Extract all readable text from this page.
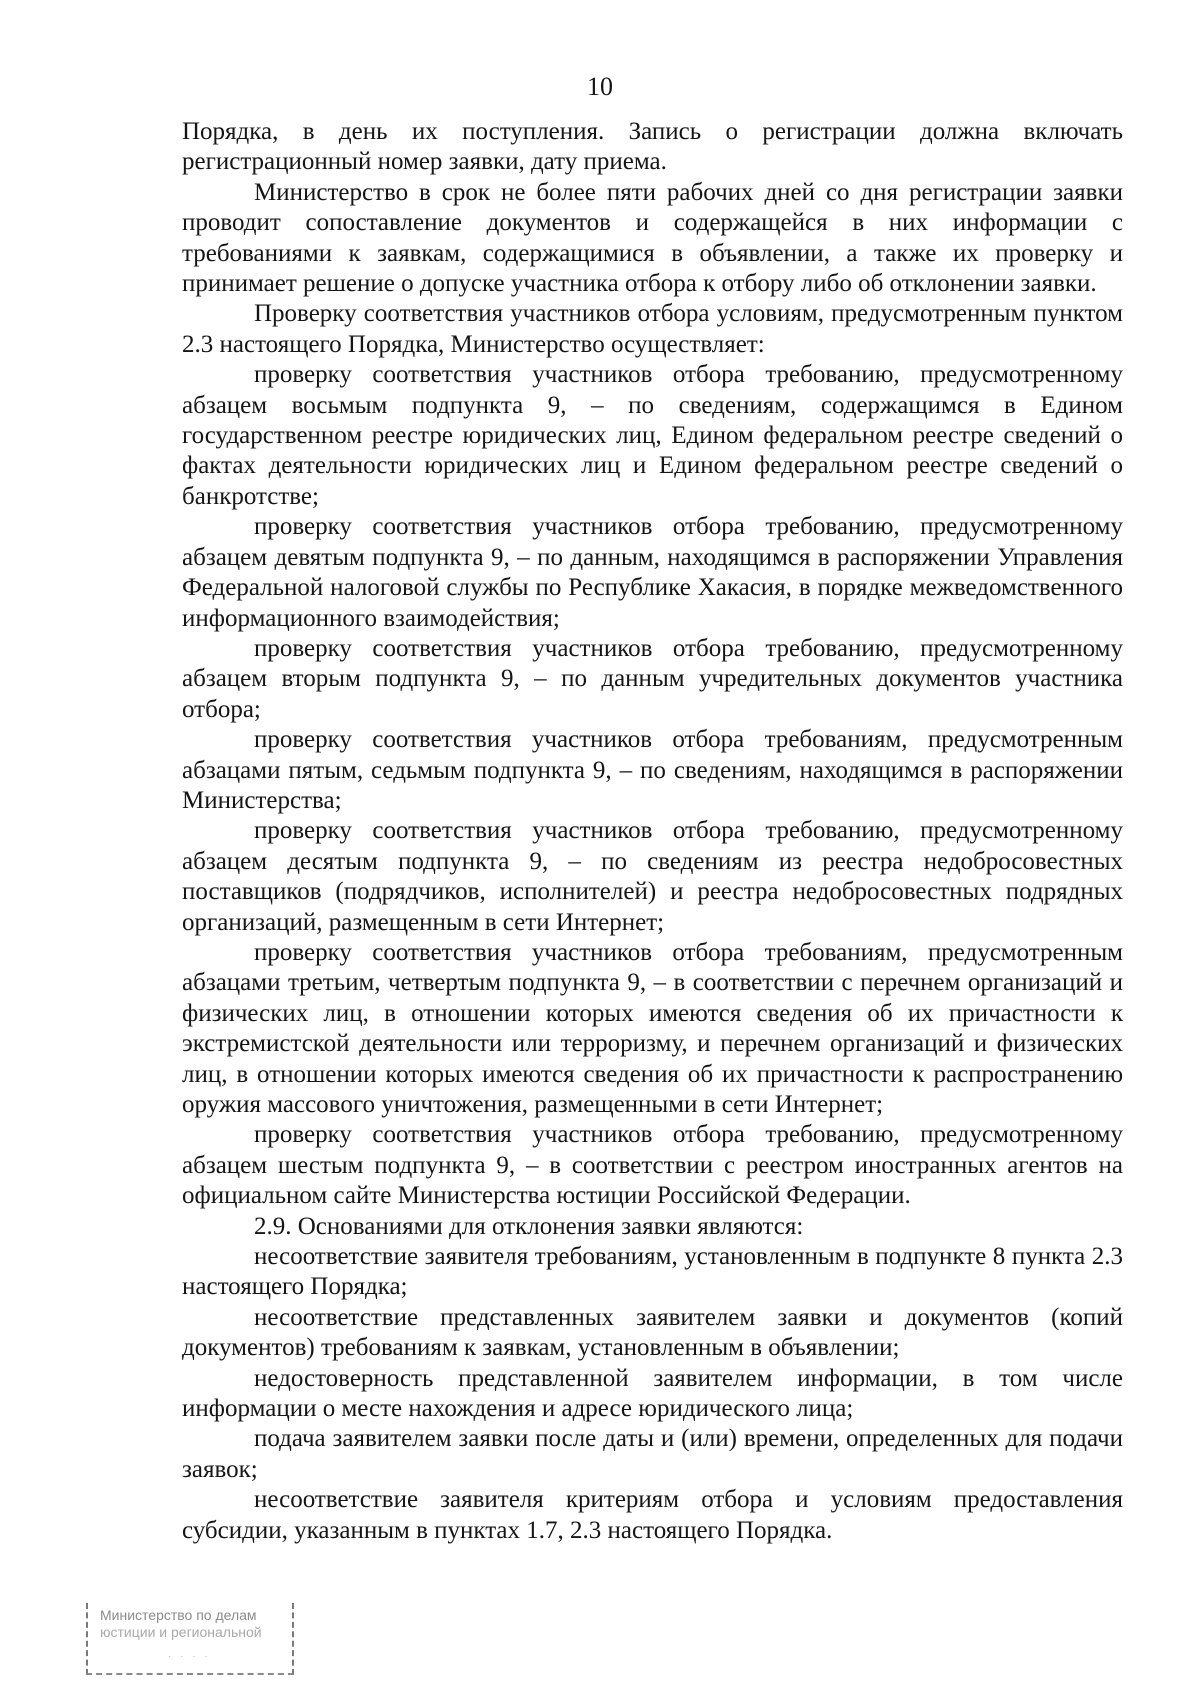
10

Порядка, в день их поступления. Запись о регистрации должна включать регистрационный номер заявки, дату приема.

Министерство в срок не более пяти рабочих дней со дня регистрации заявки проводит сопоставление документов и содержащейся в них информации с требованиями к заявкам, содержащимися в объявлении, а также их проверку и принимает решение о допуске участника отбора к отбору либо об отклонении заявки.

Проверку соответствия участников отбора условиям, предусмотренным пунктом 2.3 настоящего Порядка, Министерство осуществляет:

проверку соответствия участников отбора требованию, предусмотренному абзацем восьмым подпункта 9, – по сведениям, содержащимся в Едином государственном реестре юридических лиц, Едином федеральном реестре сведений о фактах деятельности юридических лиц и Едином федеральном реестре сведений о банкротстве;

проверку соответствия участников отбора требованию, предусмотренному абзацем девятым подпункта 9, – по данным, находящимся в распоряжении Управления Федеральной налоговой службы по Республике Хакасия, в порядке межведомственного информационного взаимодействия;

проверку соответствия участников отбора требованию, предусмотренному абзацем вторым подпункта 9, – по данным учредительных документов участника отбора;

проверку соответствия участников отбора требованиям, предусмотренным абзацами пятым, седьмым подпункта 9, – по сведениям, находящимся в распоряжении Министерства;

проверку соответствия участников отбора требованию, предусмотренному абзацем десятым подпункта 9, – по сведениям из реестра недобросовестных поставщиков (подрядчиков, исполнителей) и реестра недобросовестных подрядных организаций, размещенным в сети Интернет;

проверку соответствия участников отбора требованиям, предусмотренным абзацами третьим, четвертым подпункта 9, – в соответствии с перечнем организаций и физических лиц, в отношении которых имеются сведения об их причастности к экстремистской деятельности или терроризму, и перечнем организаций и физических лиц, в отношении которых имеются сведения об их причастности к распространению оружия массового уничтожения, размещенными в сети Интернет;

проверку соответствия участников отбора требованию, предусмотренному абзацем шестым подпункта 9, – в соответствии с реестром иностранных агентов на официальном сайте Министерства юстиции Российской Федерации.

2.9. Основаниями для отклонения заявки являются:

несоответствие заявителя требованиям, установленным в подпункте 8 пункта 2.3 настоящего Порядка;

несоответствие представленных заявителем заявки и документов (копий документов) требованиям к заявкам, установленным в объявлении;

недостоверность представленной заявителем информации, в том числе информации о месте нахождения и адресе юридического лица;

подача заявителем заявки после даты и (или) времени, определенных для подачи заявок;

несоответствие заявителя критериям отбора и условиям предоставления субсидии, указанным в пунктах 1.7, 2.3 настоящего Порядка.

Министерство по делам
юстиции и региональной
· · · ·
